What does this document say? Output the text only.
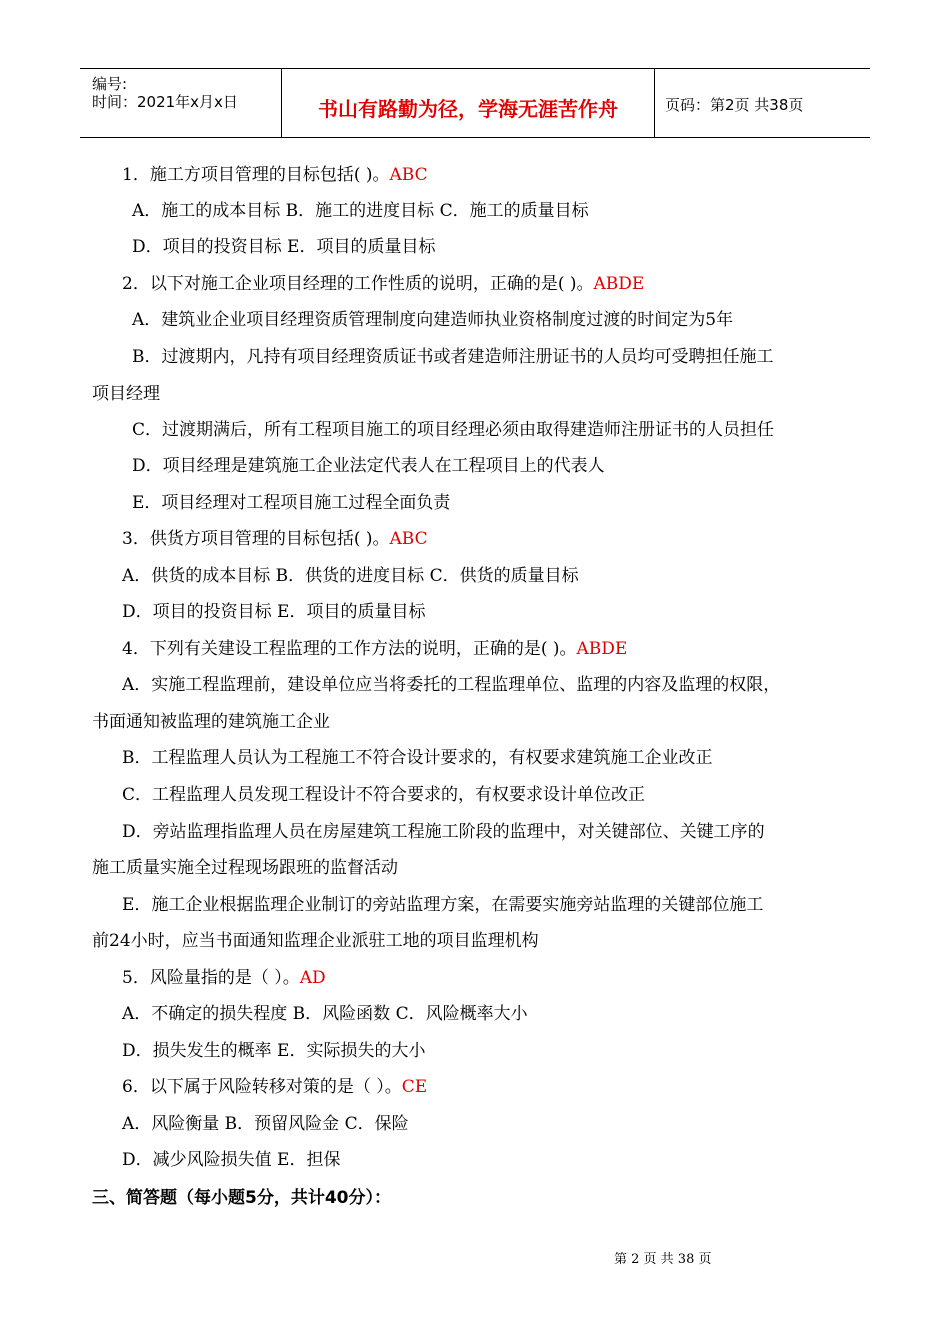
编号:
时间：2021年x月x日	书山有路勤为径，学海无涯苦作舟	页码：第2页 共38页
1．施工方项目管理的目标包括( )。ABC
A．施工的成本目标 B．施工的进度目标 C．施工的质量目标
D．项目的投资目标 E．项目的质量目标
2．以下对施工企业项目经理的工作性质的说明，正确的是( )。ABDE
A．建筑业企业项目经理资质管理制度向建造师执业资格制度过渡的时间定为5年
B．过渡期内，凡持有项目经理资质证书或者建造师注册证书的人员均可受聘担任施工
项目经理
C．过渡期满后，所有工程项目施工的项目经理必须由取得建造师注册证书的人员担任
D．项目经理是建筑施工企业法定代表人在工程项目上的代表人
E．项目经理对工程项目施工过程全面负责
3．供货方项目管理的目标包括( )。ABC
A．供货的成本目标 B．供货的进度目标 C．供货的质量目标
D．项目的投资目标 E．项目的质量目标
4．下列有关建设工程监理的工作方法的说明，正确的是( )。ABDE
A．实施工程监理前，建设单位应当将委托的工程监理单位、监理的内容及监理的权限，
书面通知被监理的建筑施工企业
B．工程监理人员认为工程施工不符合设计要求的，有权要求建筑施工企业改正
C．工程监理人员发现工程设计不符合要求的，有权要求设计单位改正
D．旁站监理指监理人员在房屋建筑工程施工阶段的监理中，对关键部位、关键工序的
施工质量实施全过程现场跟班的监督活动
E．施工企业根据监理企业制订的旁站监理方案，在需要实施旁站监理的关键部位施工
前24小时，应当书面通知监理企业派驻工地的项目监理机构
5．风险量指的是（ ）。AD
A．不确定的损失程度 B．风险函数 C．风险概率大小
D．损失发生的概率 E．实际损失的大小
6．以下属于风险转移对策的是（ ）。CE
A．风险衡量 B．预留风险金 C．保险
D．减少风险损失值 E．担保
三、简答题（每小题5分，共计40分）：
第 2 页 共 38 页
